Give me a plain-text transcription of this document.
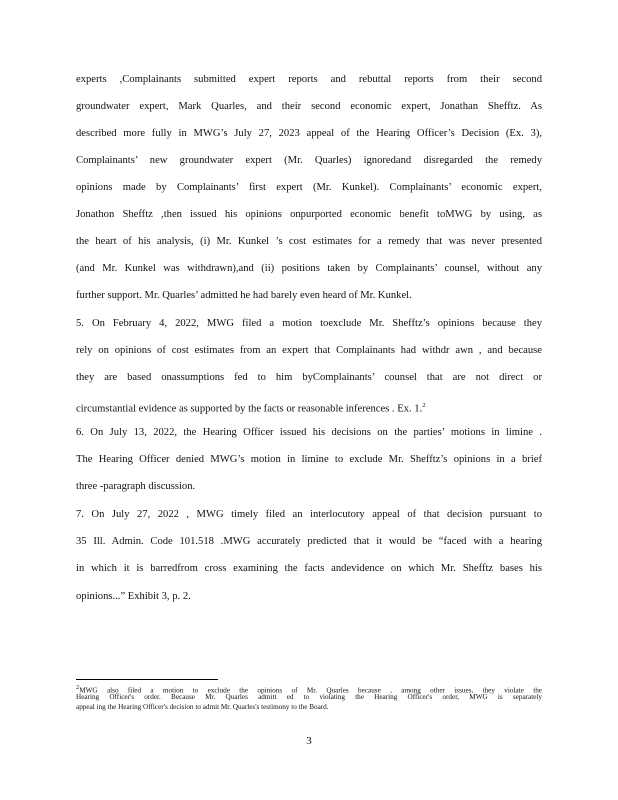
experts ,Complainants submitted expert reports and rebuttal reports from their second
groundwater expert, Mark Quarles, and their second economic expert, Jonathan Shefftz. As
described more fully in MWG’s July 27, 2023 appeal of the Hearing Officer’s Decision (Ex. 3),
Complainants’ new groundwater expert (Mr. Quarles) ignoredand disregarded the remedy
opinions made by Complainants’ first expert (Mr. Kunkel). Complainants’ economic expert,
Jonathon Shefftz ,then issued his opinions onpurported economic benefit toMWG by using, as
the heart of his analysis, (i) Mr. Kunkel ’s cost estimates for a remedy that was never presented
(and Mr. Kunkel was withdrawn),and (ii) positions taken by Complainants’ counsel, without any
further support. Mr. Quarles’ admitted he had barely even heard of Mr. Kunkel.
5. On February 4, 2022, MWG filed a motion toexclude Mr. Shefftz’s opinions because they
rely on opinions of cost estimates from an expert that Complainants had withdr awn , and because
they are based onassumptions fed to him byComplainants’ counsel that are not direct or
circumstantial evidence as supported by the facts or reasonable inferences . Ex. 1.$^2$
6. On July 13, 2022, the Hearing Officer issued his decisions on the parties’ motions in limine .
The Hearing Officer denied MWG’s motion in limine to exclude Mr. Shefftz’s opinions in a brief
three -paragraph discussion.
7. On July 27, 2022 , MWG timely filed an interlocutory appeal of that decision pursuant to
35 Ill. Admin. Code 101.518 .MWG accurately predicted that it would be “faced with a hearing
in which it is barredfrom cross examining the facts andevidence on which Mr. Shefftz bases his
opinions...” Exhibit 3, p. 2.
$^2$MWG also filed a motion to exclude the opinions of Mr. Quarles because , among other issues, they violate the
Hearing Officer's order. Because Mr. Quarles admitt ed to violating the Hearing Officer's order, MWG is separately
appeal ing the Hearing Officer's decision to admit Mr. Quarles's testimony to the Board.
3
